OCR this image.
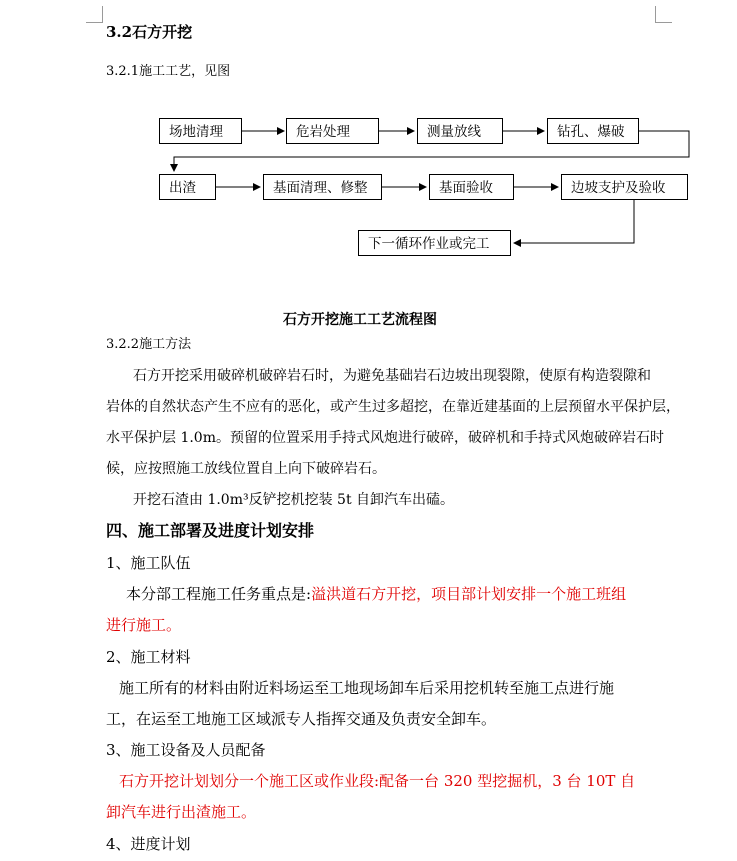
3.2石方开挖
3.2.1施工工艺，见图
场地清理	危岩处理	测量放线	钻孔、爆破
出渣	基面清理、修整	基面验收	边坡支护及验收
下一循环作业或完工
石方开挖施工工艺流程图
3.2.2施工方法
石方开挖采用破碎机破碎岩石时，为避免基础岩石边坡出现裂隙，使原有构造裂隙和
岩体的自然状态产生不应有的恶化，或产生过多超挖，在靠近建基面的上层预留水平保护层，
水平保护层 1.0m。预留的位置采用手持式风炮进行破碎，破碎机和手持式风炮破碎岩石时
候，应按照施工放线位置自上向下破碎岩石。
开挖石渣由 1.0m³反铲挖机挖装 5t 自卸汽车出磕。
四、施工部署及进度计划安排
1、施工队伍
本分部工程施工任务重点是:溢洪道石方开挖，项目部计划安排一个施工班组
进行施工。
2、施工材料
施工所有的材料由附近料场运至工地现场卸车后采用挖机转至施工点进行施
工，在运至工地施工区域派专人指挥交通及负责安全卸车。
3、施工设备及人员配备
石方开挖计划划分一个施工区或作业段:配备一台 320 型挖掘机，3 台 10T 自
卸汽车进行出渣施工。
4、进度计划
